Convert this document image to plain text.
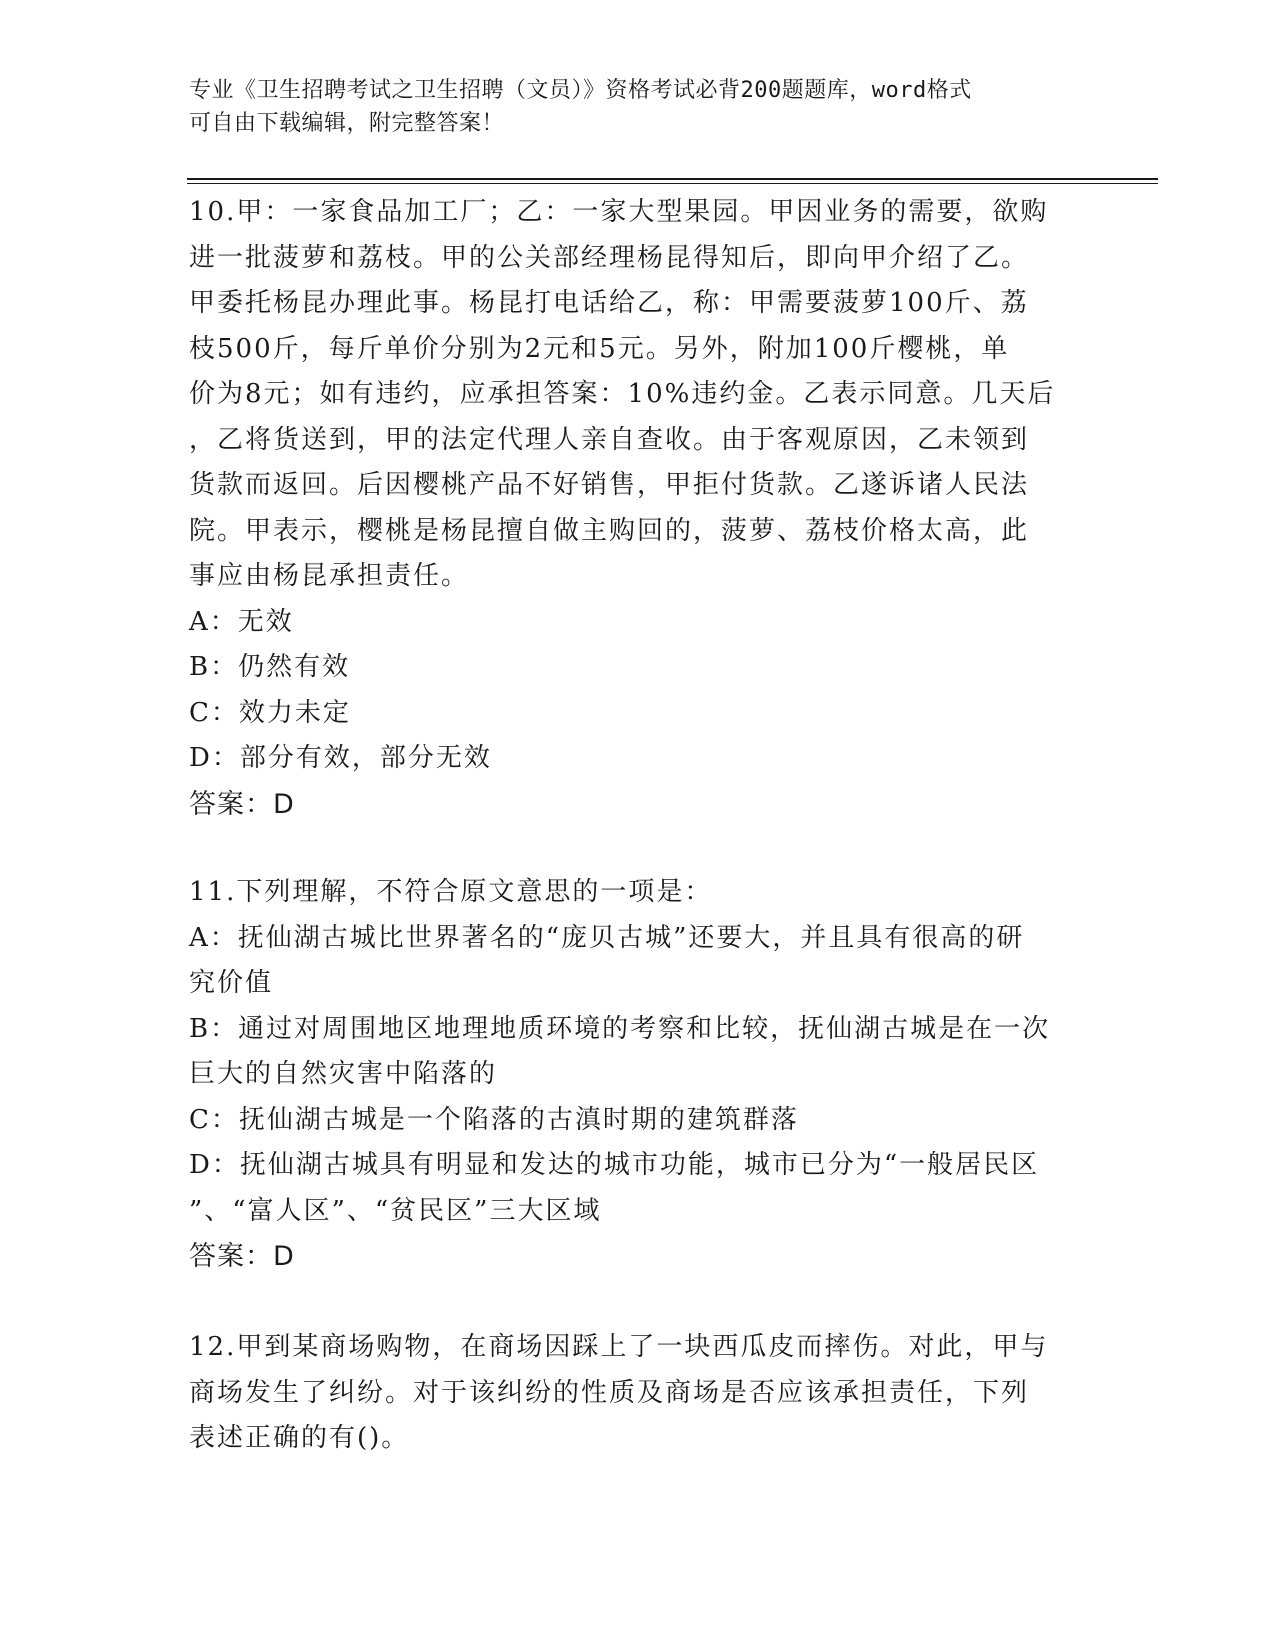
专业《卫生招聘考试之卫生招聘（文员）》资格考试必背200题题库，word格式
可自由下载编辑，附完整答案！
10.甲：一家食品加工厂；乙：一家大型果园。甲因业务的需要，欲购
进一批菠萝和荔枝。甲的公关部经理杨昆得知后，即向甲介绍了乙。
甲委托杨昆办理此事。杨昆打电话给乙，称：甲需要菠萝100斤、荔
枝500斤，每斤单价分别为2元和5元。另外，附加100斤樱桃，单
价为8元；如有违约，应承担答案：10%违约金。乙表示同意。几天后
，乙将货送到，甲的法定代理人亲自查收。由于客观原因，乙未领到
货款而返回。后因樱桃产品不好销售，甲拒付货款。乙遂诉诸人民法
院。甲表示，樱桃是杨昆擅自做主购回的，菠萝、荔枝价格太高，此
事应由杨昆承担责任。
A：无效
B：仍然有效
C：效力未定
D：部分有效，部分无效
答案：D
11.下列理解，不符合原文意思的一项是：
A：抚仙湖古城比世界著名的“庞贝古城”还要大，并且具有很高的研
究价值
B：通过对周围地区地理地质环境的考察和比较，抚仙湖古城是在一次
巨大的自然灾害中陷落的
C：抚仙湖古城是一个陷落的古滇时期的建筑群落
D：抚仙湖古城具有明显和发达的城市功能，城市已分为“一般居民区
”、“富人区”、“贫民区”三大区域
答案：D
12.甲到某商场购物，在商场因踩上了一块西瓜皮而摔伤。对此，甲与
商场发生了纠纷。对于该纠纷的性质及商场是否应该承担责任，下列
表述正确的有()。
